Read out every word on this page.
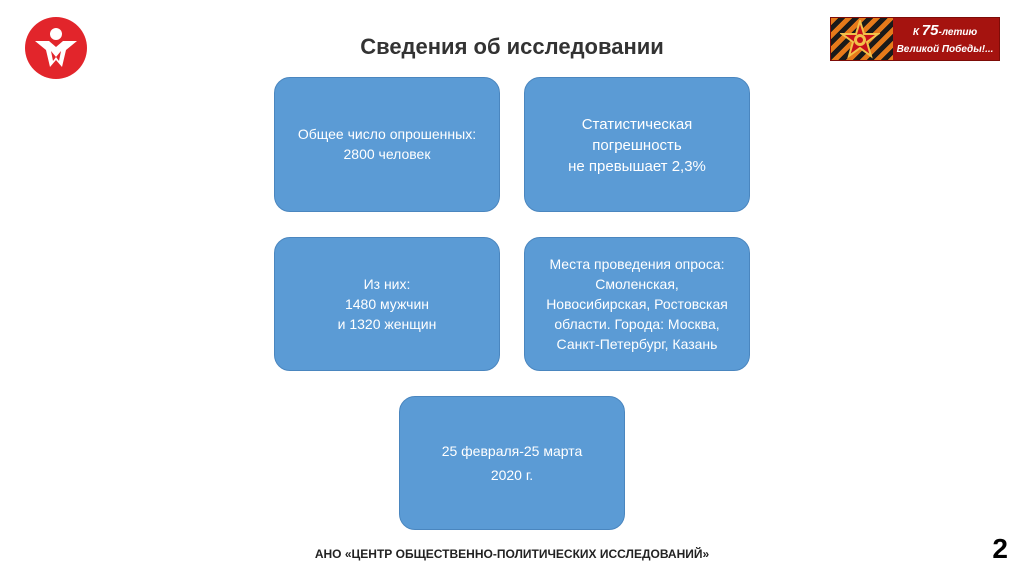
Сведения об исследовании
К 75-летию
Великой Победы!...
Общее число опрошенных:
2800 человек
Статистическая
погрешность
не превышает 2,3%
Из них:
1480 мужчин
и 1320 женщин
Места проведения опроса:
Смоленская,
Новосибирская, Ростовская
области. Города: Москва,
Санкт-Петербург, Казань
25 февраля-25 марта
2020 г.
АНО «ЦЕНТР ОБЩЕСТВЕННО-ПОЛИТИЧЕСКИХ ИССЛЕДОВАНИЙ»	2
